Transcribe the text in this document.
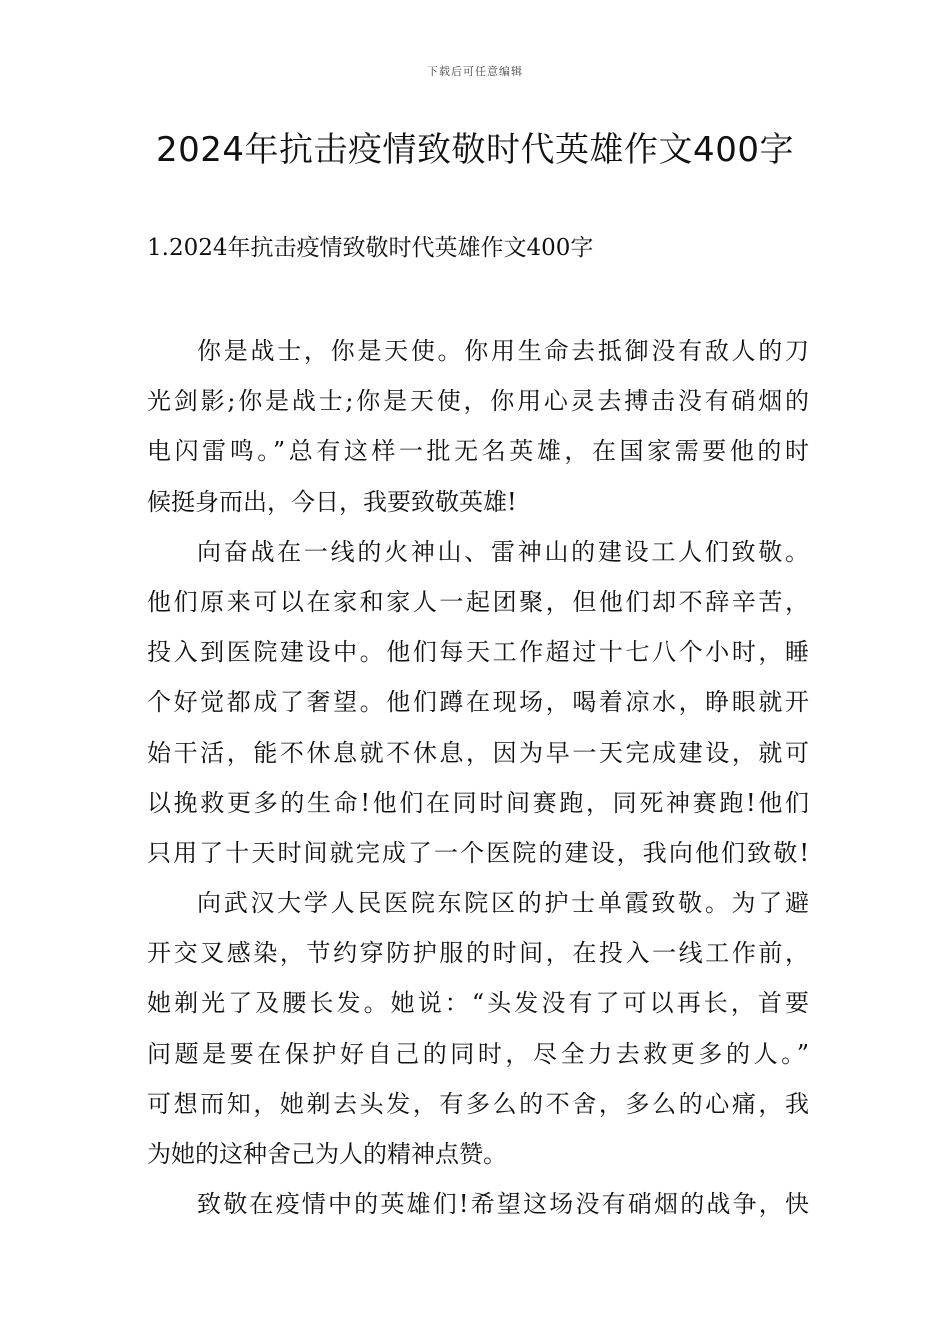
下载后可任意编辑
2024年抗击疫情致敬时代英雄作文400字
1.2024年抗击疫情致敬时代英雄作文400字
你是战士，你是天使。你用生命去抵御没有敌人的刀
光剑影;你是战士;你是天使，你用心灵去搏击没有硝烟的
电闪雷鸣。”总有这样一批无名英雄，在国家需要他的时
候挺身而出，今日，我要致敬英雄!
向奋战在一线的火神山、雷神山的建设工人们致敬。
他们原来可以在家和家人一起团聚，但他们却不辞辛苦，
投入到医院建设中。他们每天工作超过十七八个小时，睡
个好觉都成了奢望。他们蹲在现场，喝着凉水，睁眼就开
始干活，能不休息就不休息，因为早一天完成建设，就可
以挽救更多的生命!他们在同时间赛跑，同死神赛跑!他们
只用了十天时间就完成了一个医院的建设，我向他们致敬!
向武汉大学人民医院东院区的护士单霞致敬。为了避
开交叉感染，节约穿防护服的时间，在投入一线工作前，
她剃光了及腰长发。她说：“头发没有了可以再长，首要
问题是要在保护好自己的同时，尽全力去救更多的人。”
可想而知，她剃去头发，有多么的不舍，多么的心痛，我
为她的这种舍己为人的精神点赞。
致敬在疫情中的英雄们!希望这场没有硝烟的战争，快
